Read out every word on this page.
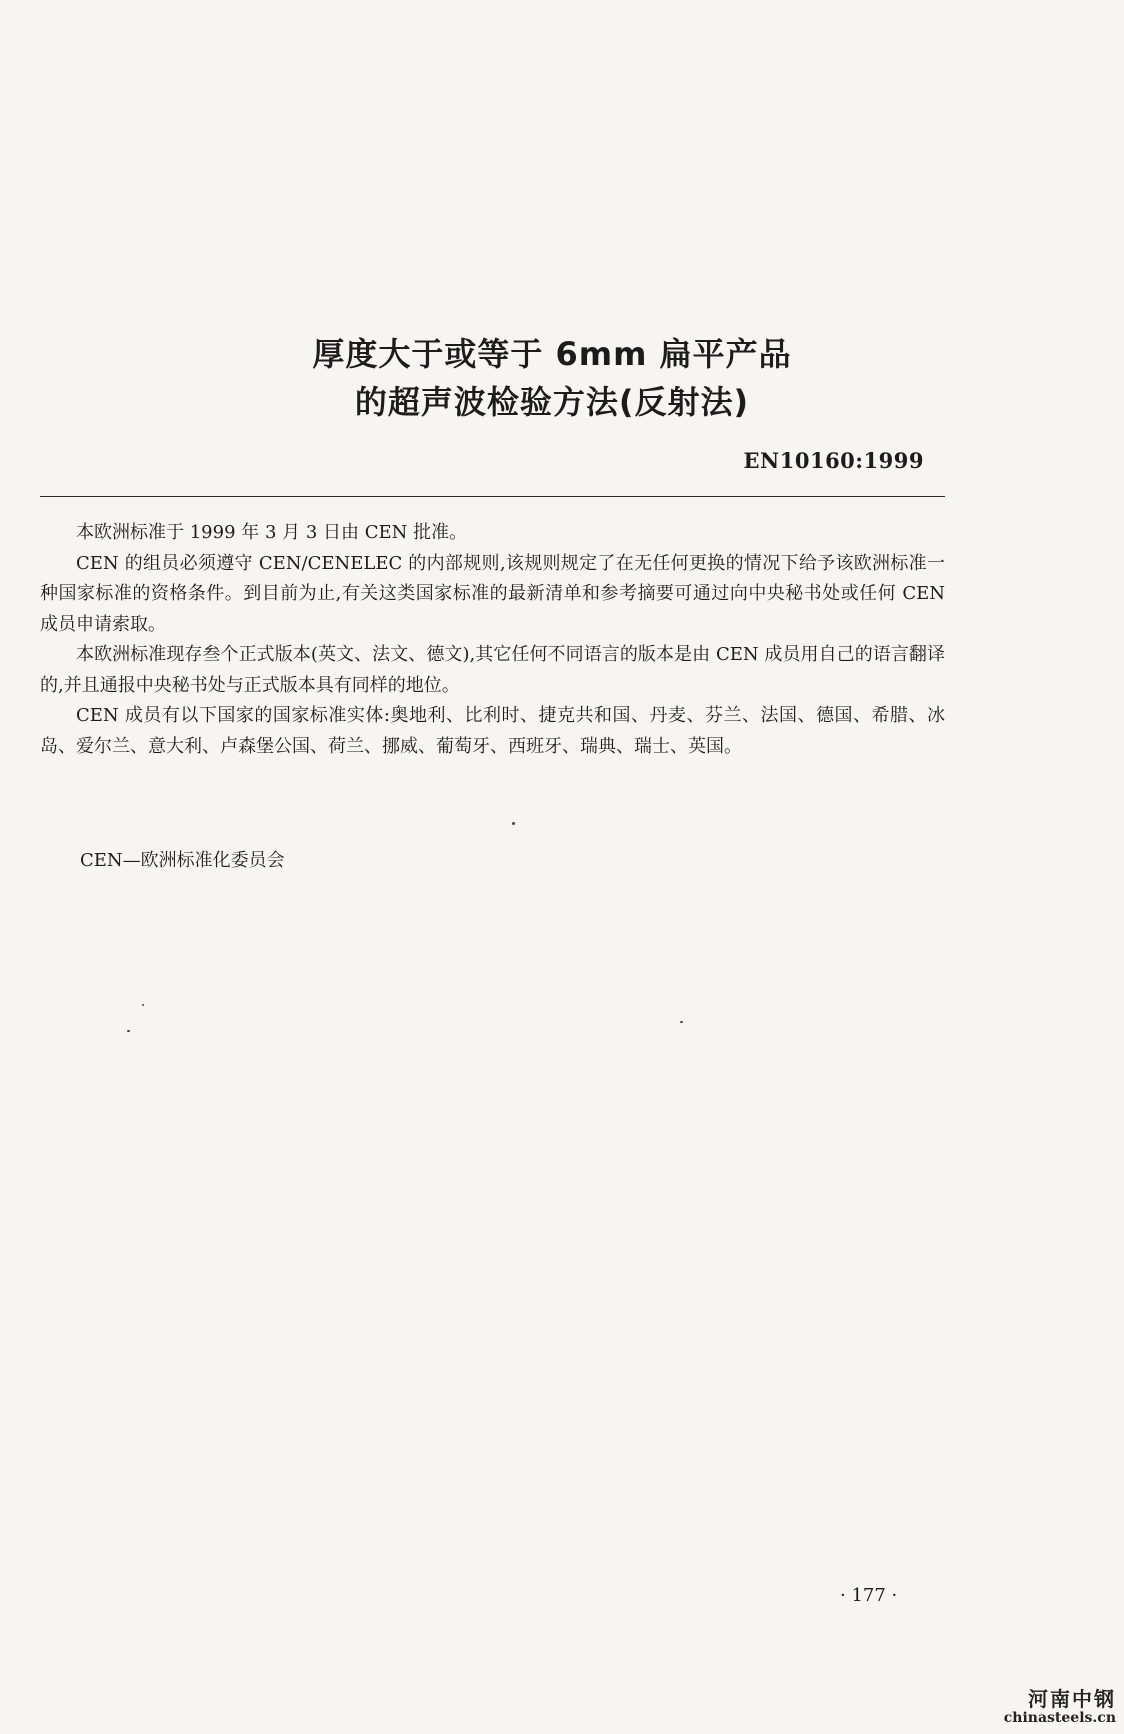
厚度大于或等于 6mm 扁平产品
的超声波检验方法(反射法)
EN10160:1999

本欧洲标准于 1999 年 3 月 3 日由 CEN 批准。

CEN 的组员必须遵守 CEN/CENELEC 的内部规则,该规则规定了在无任何更换的情况下给予该欧洲标准一种国家标准的资格条件。到目前为止,有关这类国家标准的最新清单和参考摘要可通过向中央秘书处或任何 CEN 成员申请索取。

本欧洲标准现存叁个正式版本(英文、法文、德文),其它任何不同语言的版本是由 CEN 成员用自己的语言翻译的,并且通报中央秘书处与正式版本具有同样的地位。

CEN 成员有以下国家的国家标准实体:奥地利、比利时、捷克共和国、丹麦、芬兰、法国、德国、希腊、冰岛、爱尔兰、意大利、卢森堡公国、荷兰、挪威、葡萄牙、西班牙、瑞典、瑞士、英国。

CEN—欧洲标准化委员会
· 177 ·
河南中钢
chinasteels.cn
